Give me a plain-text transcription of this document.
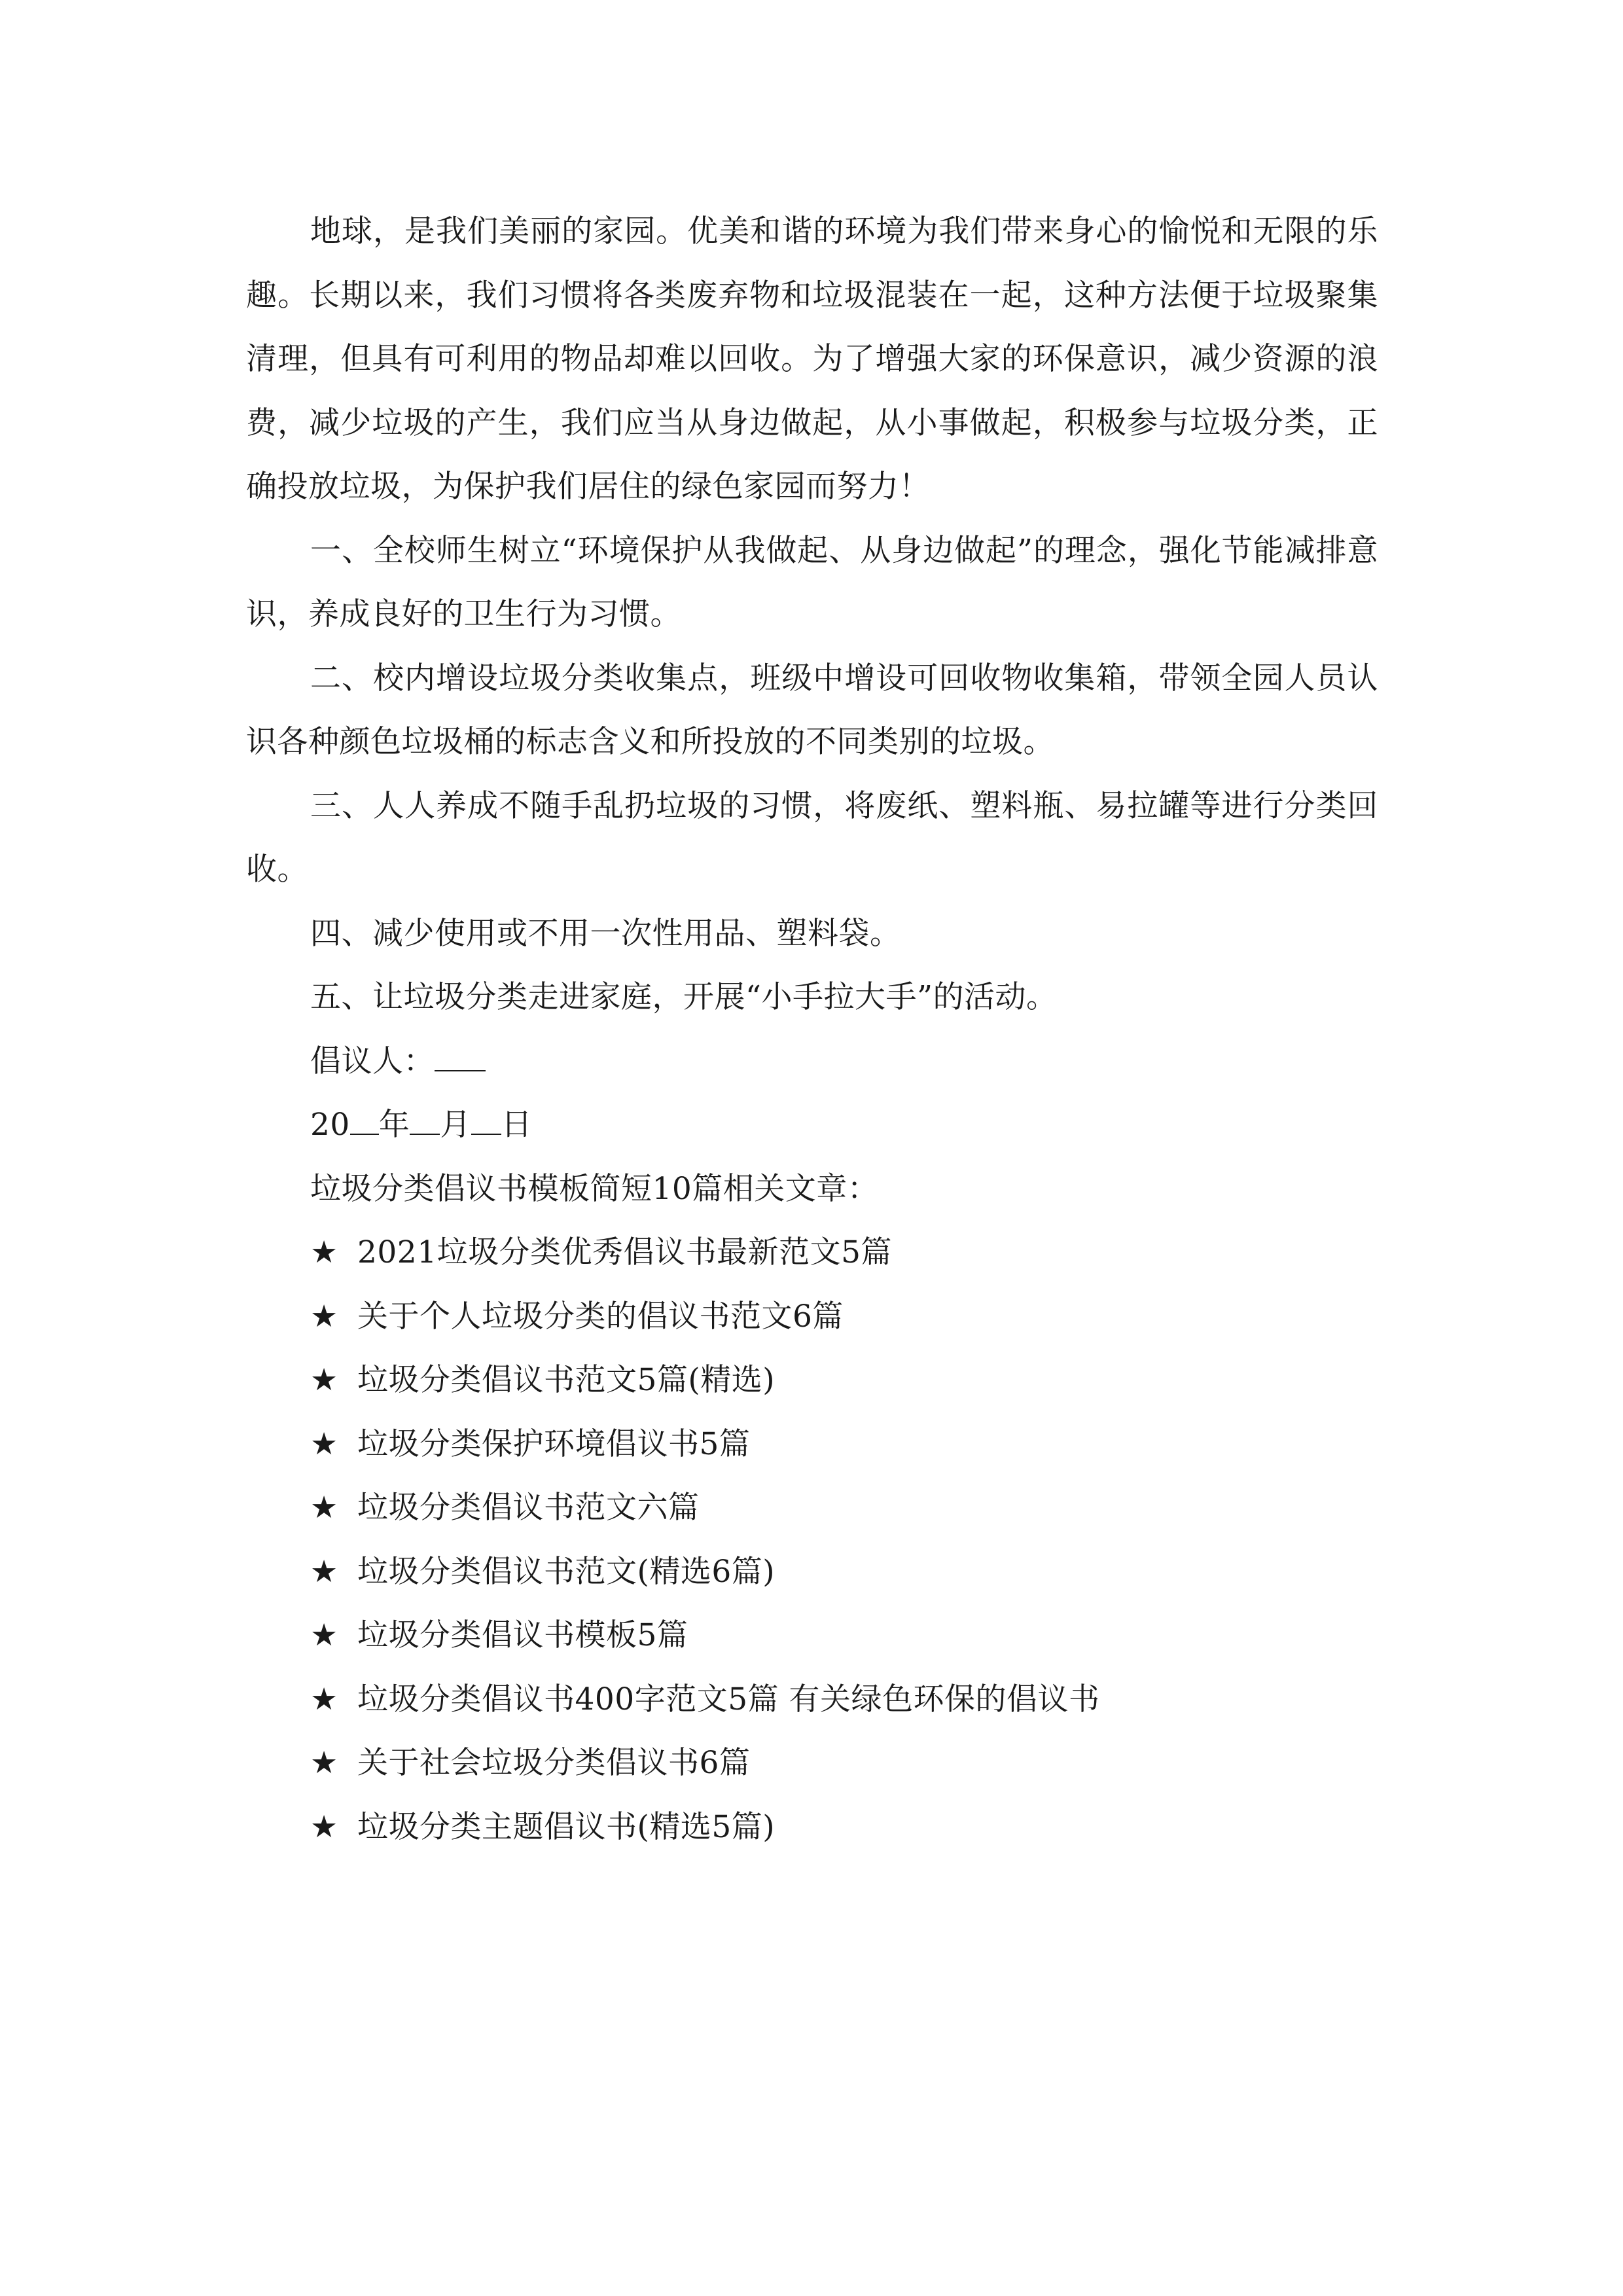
地球，是我们美丽的家园。优美和谐的环境为我们带来身心的愉悦和无限的乐趣。长期以来，我们习惯将各类废弃物和垃圾混装在一起，这种方法便于垃圾聚集清理，但具有可利用的物品却难以回收。为了增强大家的环保意识，减少资源的浪费，减少垃圾的产生，我们应当从身边做起，从小事做起，积极参与垃圾分类，正确投放垃圾，为保护我们居住的绿色家园而努力！

一、全校师生树立“环境保护从我做起、从身边做起”的理念，强化节能减排意识，养成良好的卫生行为习惯。

二、校内增设垃圾分类收集点，班级中增设可回收物收集箱，带领全园人员认识各种颜色垃圾桶的标志含义和所投放的不同类别的垃圾。

三、人人养成不随手乱扔垃圾的习惯，将废纸、塑料瓶、易拉罐等进行分类回收。

四、减少使用或不用一次性用品、塑料袋。

五、让垃圾分类走进家庭，开展“小手拉大手”的活动。

倡议人：
20 年 月 日
垃圾分类倡议书模板简短10篇相关文章：
★ 2021垃圾分类优秀倡议书最新范文5篇
★ 关于个人垃圾分类的倡议书范文6篇
★ 垃圾分类倡议书范文5篇(精选)
★ 垃圾分类保护环境倡议书5篇
★ 垃圾分类倡议书范文六篇
★ 垃圾分类倡议书范文(精选6篇)
★ 垃圾分类倡议书模板5篇
★ 垃圾分类倡议书400字范文5篇 有关绿色环保的倡议书
★ 关于社会垃圾分类倡议书6篇
★ 垃圾分类主题倡议书(精选5篇)
